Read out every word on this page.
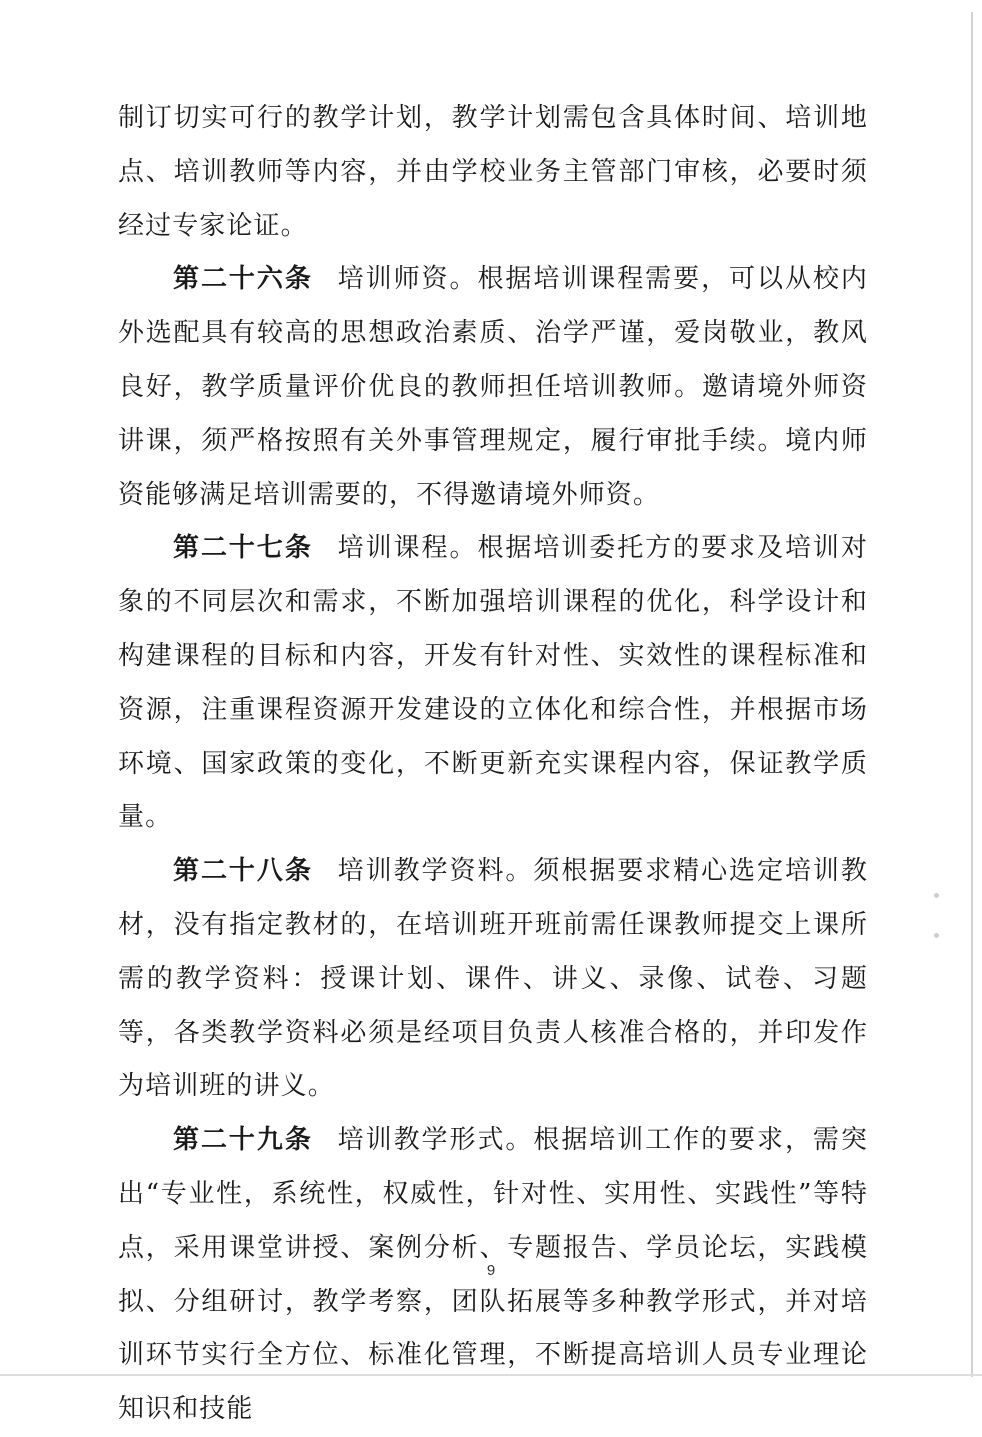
制订切实可行的教学计划，教学计划需包含具体时间、培训地点、培训教师等内容，并由学校业务主管部门审核，必要时须经过专家论证。

第二十六条 培训师资。根据培训课程需要，可以从校内外选配具有较高的思想政治素质、治学严谨，爱岗敬业，教风良好，教学质量评价优良的教师担任培训教师。邀请境外师资讲课，须严格按照有关外事管理规定，履行审批手续。境内师资能够满足培训需要的，不得邀请境外师资。

第二十七条 培训课程。根据培训委托方的要求及培训对象的不同层次和需求，不断加强培训课程的优化，科学设计和构建课程的目标和内容，开发有针对性、实效性的课程标准和资源，注重课程资源开发建设的立体化和综合性，并根据市场环境、国家政策的变化，不断更新充实课程内容，保证教学质量。

第二十八条 培训教学资料。须根据要求精心选定培训教材，没有指定教材的，在培训班开班前需任课教师提交上课所需的教学资料：授课计划、课件、讲义、录像、试卷、习题等，各类教学资料必须是经项目负责人核准合格的，并印发作为培训班的讲义。

第二十九条 培训教学形式。根据培训工作的要求，需突出“专业性，系统性，权威性，针对性、实用性、实践性”等特点，采用课堂讲授、案例分析、专题报告、学员论坛，实践模拟、分组研讨，教学考察，团队拓展等多种教学形式，并对培训环节实行全方位、标准化管理，不断提高培训人员专业理论知识和技能

9
